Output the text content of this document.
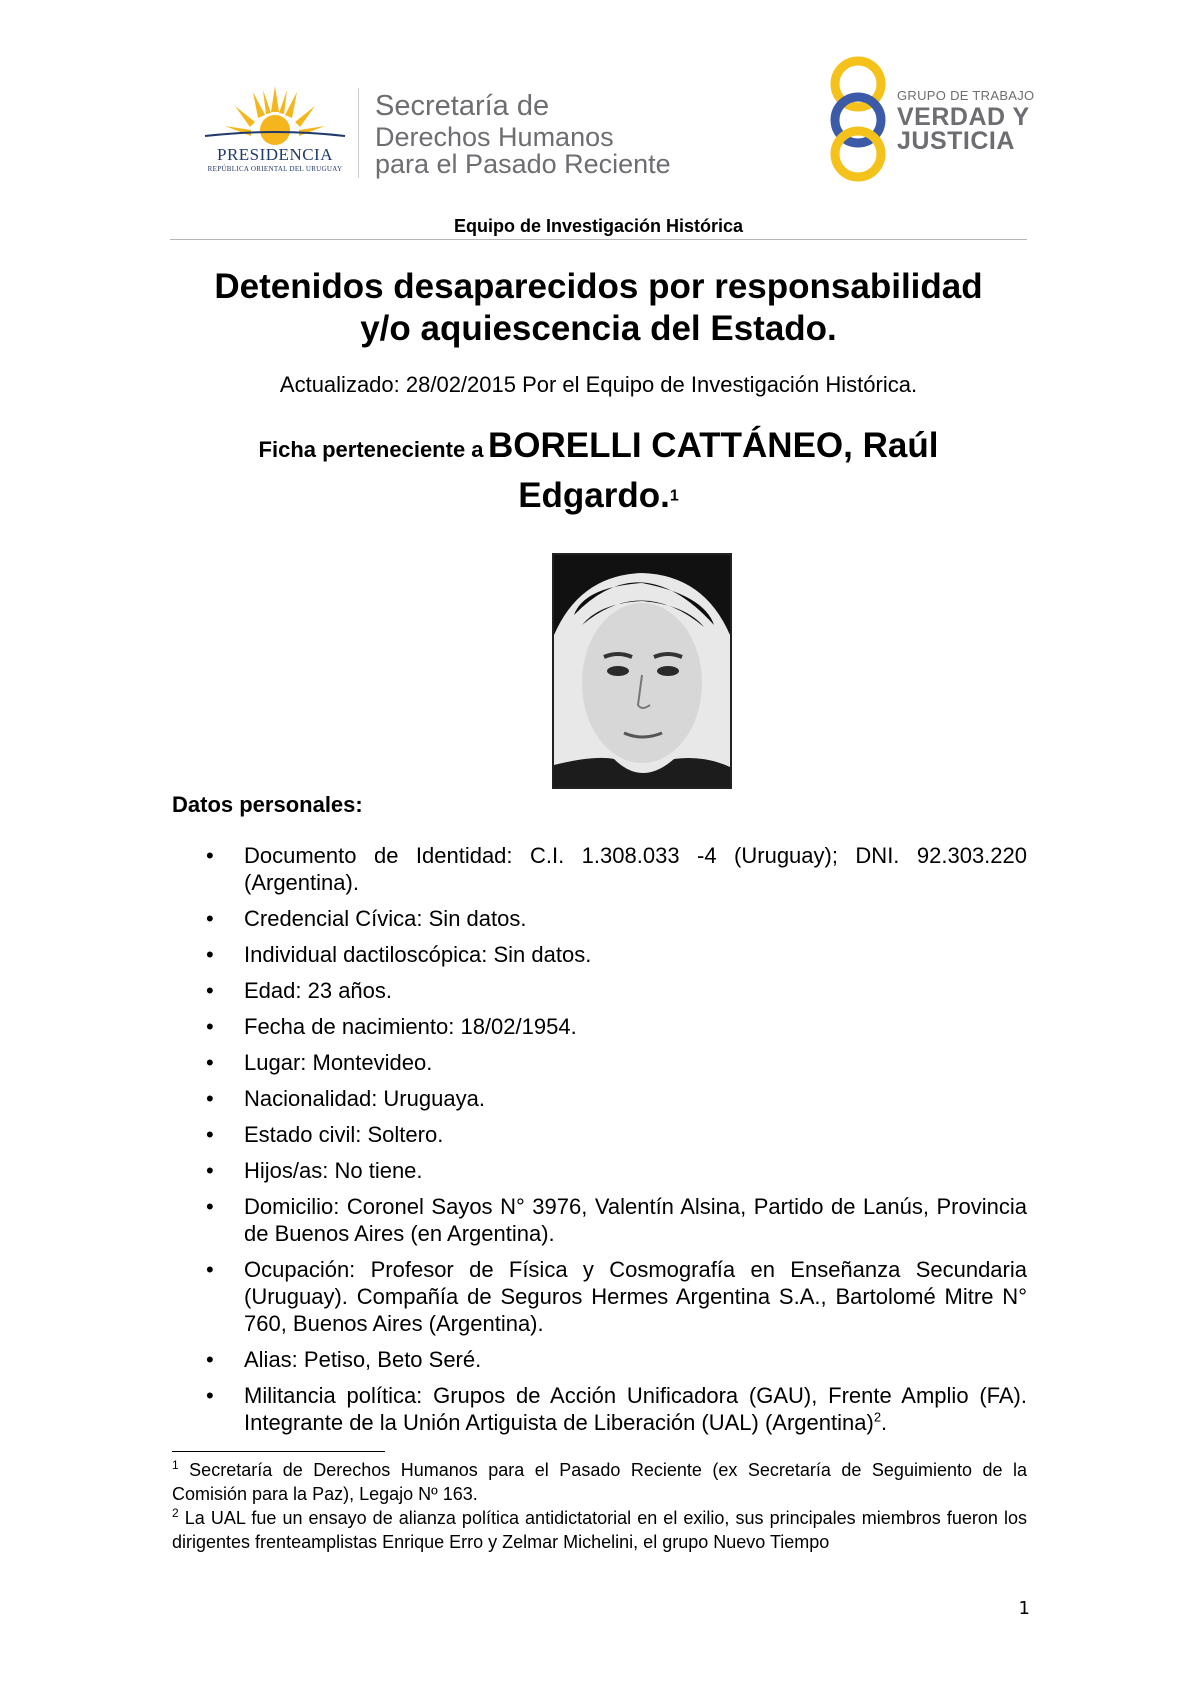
PRESIDENCIA
REPÚBLICA ORIENTAL DEL URUGUAY
Secretaría de
Derechos Humanos
para el Pasado Reciente
GRUPO DE TRABAJO
VERDAD Y
JUSTICIA
Equipo de Investigación Histórica
Detenidos desaparecidos por responsabilidad
y/o aquiescencia del Estado.
Actualizado: 28/02/2015 Por el Equipo de Investigación Histórica.
Ficha perteneciente a BORELLI CATTÁNEO, Raúl
Edgardo.$^1$
Datos personales:
• Documento de Identidad: C.I. 1.308.033 -4 (Uruguay); DNI. 92.303.220 (Argentina).
• Credencial Cívica: Sin datos.
• Individual dactiloscópica: Sin datos.
• Edad: 23 años.
• Fecha de nacimiento: 18/02/1954.
• Lugar: Montevideo.
• Nacionalidad: Uruguaya.
• Estado civil: Soltero.
• Hijos/as: No tiene.
• Domicilio: Coronel Sayos N° 3976, Valentín Alsina, Partido de Lanús, Provincia de Buenos Aires (en Argentina).
• Ocupación: Profesor de Física y Cosmografía en Enseñanza Secundaria (Uruguay). Compañía de Seguros Hermes Argentina S.A., Bartolomé Mitre N° 760, Buenos Aires (Argentina).
• Alias: Petiso, Beto Seré.
• Militancia política: Grupos de Acción Unificadora (GAU), Frente Amplio (FA). Integrante de la Unión Artiguista de Liberación (UAL) (Argentina)$^2$.

$^1$ Secretaría de Derechos Humanos para el Pasado Reciente (ex Secretaría de Seguimiento de la Comisión para la Paz), Legajo Nº 163.

$^2$ La UAL fue un ensayo de alianza política antidictatorial en el exilio, sus principales miembros fueron los dirigentes frenteamplistas Enrique Erro y Zelmar Michelini, el grupo Nuevo Tiempo

1
